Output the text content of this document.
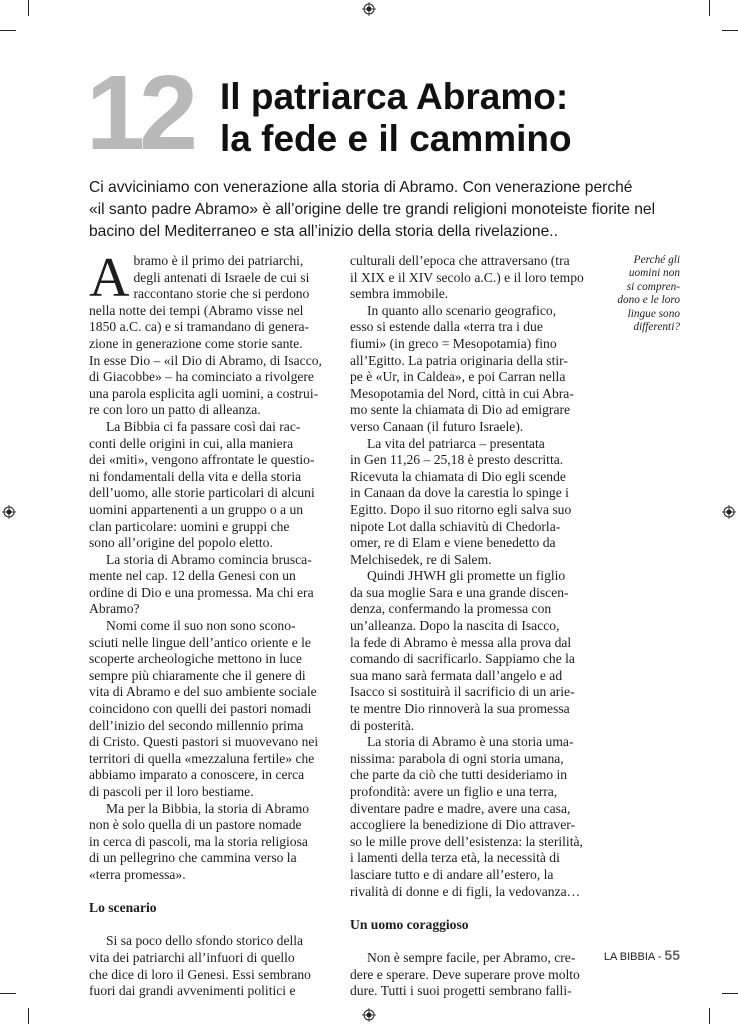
12 Il patriarca Abramo:
la fede e il cammino
Ci avviciniamo con venerazione alla storia di Abramo. Con venerazione perché
«il santo padre Abramo» è all’origine delle tre grandi religioni monoteiste fiorite nel
bacino del Mediterraneo e sta all’inizio della storia della rivelazione..
A bramo è il primo dei patriarchi,
degli antenati di Israele de cui si
raccontano storie che si perdono
nella notte dei tempi (Abramo visse nel
1850 a.C. ca) e si tramandano di genera-
zione in generazione come storie sante.
In esse Dio – «il Dio di Abramo, di Isacco,
di Giacobbe» – ha cominciato a rivolgere
una parola esplicita agli uomini, a costrui-
re con loro un patto di alleanza.
La Bibbia ci fa passare così dai rac-
conti delle origini in cui, alla maniera
dei «miti», vengono affrontate le questio-
ni fondamentali della vita e della storia
dell’uomo, alle storie particolari di alcuni
uomini appartenenti a un gruppo o a un
clan particolare: uomini e gruppi che
sono all’origine del popolo eletto.
La storia di Abramo comincia brusca-
mente nel cap. 12 della Genesi con un
ordine di Dio e una promessa. Ma chi era
Abramo?
Nomi come il suo non sono scono-
sciuti nelle lingue dell’antico oriente e le
scoperte archeologiche mettono in luce
sempre più chiaramente che il genere di
vita di Abramo e del suo ambiente sociale
coincidono con quelli dei pastori nomadi
dell’inizio del secondo millennio prima
di Cristo. Questi pastori si muovevano nei
territori di quella «mezzaluna fertile» che
abbiamo imparato a conoscere, in cerca
di pascoli per il loro bestiame.
Ma per la Bibbia, la storia di Abramo
non è solo quella di un pastore nomade
in cerca di pascoli, ma la storia religiosa
di un pellegrino che cammina verso la
«terra promessa».
Lo scenario
Si sa poco dello sfondo storico della
vita dei patriarchi all’infuori di quello
che dice di loro il Genesi. Essi sembrano
fuori dai grandi avvenimenti politici e
culturali dell’epoca che attraversano (tra
il XIX e il XIV secolo a.C.) e il loro tempo
sembra immobile.
In quanto allo scenario geografico,
esso si estende dalla «terra tra i due
fiumi» (in greco = Mesopotamia) fino
all’Egitto. La patria originaria della stir-
pe è «Ur, in Caldea», e poi Carran nella
Mesopotamia del Nord, città in cui Abra-
mo sente la chiamata di Dio ad emigrare
verso Canaan (il futuro Israele).
La vita del patriarca – presentata
in Gen 11,26 – 25,18 è presto descritta.
Ricevuta la chiamata di Dio egli scende
in Canaan da dove la carestia lo spinge i
Egitto. Dopo il suo ritorno egli salva suo
nipote Lot dalla schiavitù di Chedorla-
omer, re di Elam e viene benedetto da
Melchisedek, re di Salem.
Quindi JHWH gli promette un figlio
da sua moglie Sara e una grande discen-
denza, confermando la promessa con
un’alleanza. Dopo la nascita di Isacco,
la fede di Abramo è messa alla prova dal
comando di sacrificarlo. Sappiamo che la
sua mano sarà fermata dall’angelo e ad
Isacco si sostituirà il sacrificio di un arie-
te mentre Dio rinnoverà la sua promessa
di posterità.
La storia di Abramo è una storia uma-
nissima: parabola di ogni storia umana,
che parte da ciò che tutti desideriamo in
profondità: avere un figlio e una terra,
diventare padre e madre, avere una casa,
accogliere la benedizione di Dio attraver-
so le mille prove dell’esistenza: la sterilità,
i lamenti della terza età, la necessità di
lasciare tutto e di andare all’estero, la
rivalità di donne e di figli, la vedovanza…
Un uomo coraggioso
Non è sempre facile, per Abramo, cre-
dere e sperare. Deve superare prove molto
dure. Tutti i suoi progetti sembrano falli-
Perché gli
uomini non
si compren-
dono e le loro
lingue sono
differenti?
LA BIBBIA - 55
